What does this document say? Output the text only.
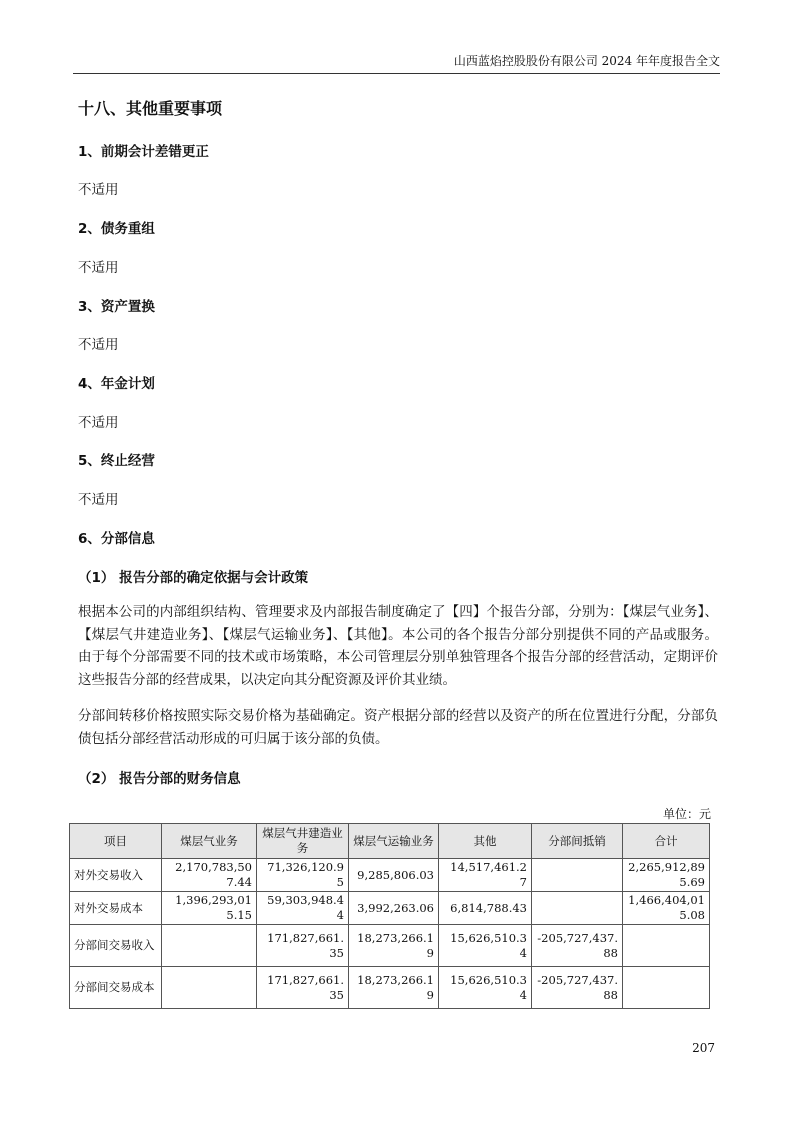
山西蓝焰控股股份有限公司 2024 年年度报告全文
十八、其他重要事项
1、前期会计差错更正
不适用
2、债务重组
不适用
3、资产置换
不适用
4、年金计划
不适用
5、终止经营
不适用
6、分部信息
（1） 报告分部的确定依据与会计政策
根据本公司的内部组织结构、管理要求及内部报告制度确定了【四】个报告分部，分别为：【煤层气业务】、【煤层气井建造业务】、【煤层气运输业务】、【其他】。本公司的各个报告分部分别提供不同的产品或服务。由于每个分部需要不同的技术或市场策略，本公司管理层分别单独管理各个报告分部的经营活动，定期评价这些报告分部的经营成果，以决定向其分配资源及评价其业绩。
分部间转移价格按照实际交易价格为基础确定。资产根据分部的经营以及资产的所在位置进行分配，分部负债包括分部经营活动形成的可归属于该分部的负债。
（2） 报告分部的财务信息
单位：元
项目	煤层气业务	煤层气井建造业务	煤层气运输业务	其他	分部间抵销	合计
对外交易收入	2,170,783,507.44	71,326,120.95	9,285,806.03	14,517,461.27		2,265,912,895.69
对外交易成本	1,396,293,015.15	59,303,948.44	3,992,263.06	6,814,788.43		1,466,404,015.08
分部间交易收入		171,827,661.35	18,273,266.19	15,626,510.34	-205,727,437.88	
分部间交易成本		171,827,661.35	18,273,266.19	15,626,510.34	-205,727,437.88	
207
